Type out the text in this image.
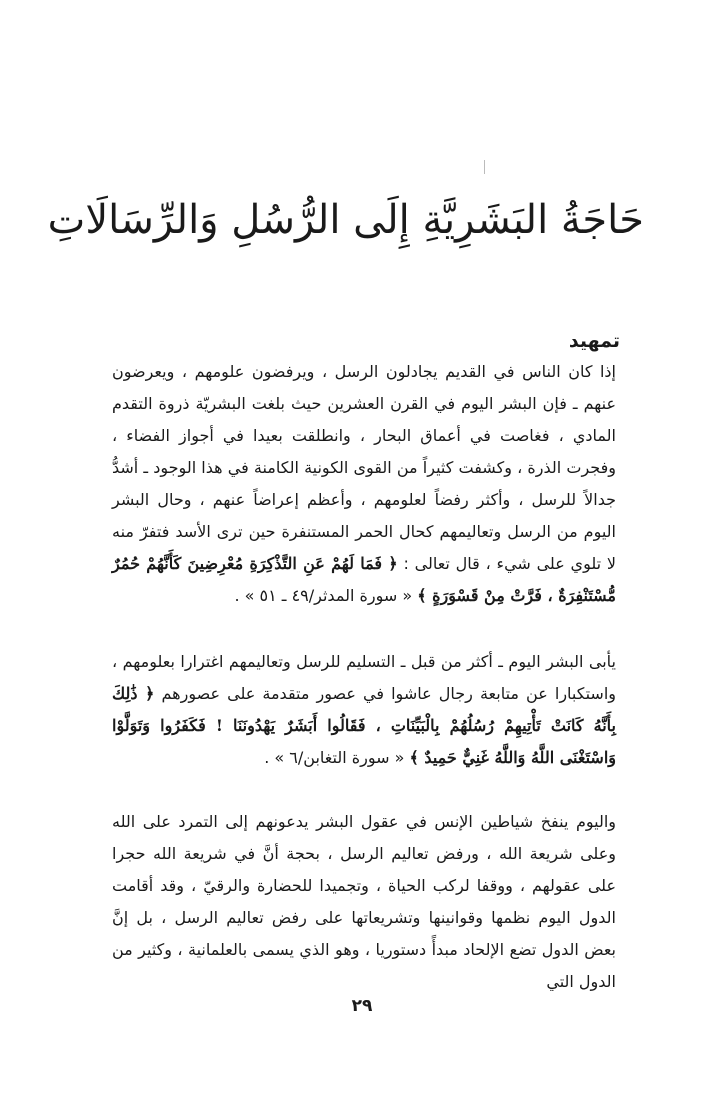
حَاجَةُ البَشَرِيَّةِ إِلَى الرُّسُلِ وَالرِّسَالَاتِ
تمهيد

إذا كان الناس في القديم يجادلون الرسل ، ويرفضون علومهم ، ويعرضون عنهم ـ فإن البشر اليوم في القرن العشرين حيث بلغت البشريّة ذروة التقدم المادي ، فغاصت في أعماق البحار ، وانطلقت بعيدا في أجواز الفضاء ، وفجرت الذرة ، وكشفت كثيراً من القوى الكونية الكامنة في هذا الوجود ـ أشدُّ جدالاً للرسل ، وأكثر رفضاً لعلومهم ، وأعظم إعراضاً عنهم ، وحال البشر اليوم من الرسل وتعاليمهم كحال الحمر المستنفرة حين ترى الأسد فتفرّ منه لا تلوي على شيء ، قال تعالى : ﴿ فَمَا لَهُمْ عَنِ التَّذْكِرَةِ مُعْرِضِينَ كَأَنَّهُمْ حُمُرٌ مُّسْتَنْفِرَةٌ ، فَرَّتْ مِنْ قَسْوَرَةٍ ﴾ « سورة المدثر/٤٩ ـ ٥١ » .

يأبى البشر اليوم ـ أكثر من قبل ـ التسليم للرسل وتعاليمهم اغترارا بعلومهم ، واستكبارا عن متابعة رجال عاشوا في عصور متقدمة على عصورهم ﴿ ذَٰلِكَ بِأَنَّهُ كَانَتْ تَأْتِيهِمْ رُسُلُهُمْ بِالْبَيِّنَاتِ ، فَقَالُوا أَبَشَرٌ يَهْدُونَنَا ! فَكَفَرُوا وَتَوَلَّوْا وَاسْتَغْنَى اللَّهُ وَاللَّهُ غَنِيٌّ حَمِيدٌ ﴾ « سورة التغابن/٦ » .

واليوم ينفخ شياطين الإنس في عقول البشر يدعونهم إلى التمرد على الله وعلى شريعة الله ، ورفض تعاليم الرسل ، بحجة أنَّ في شريعة الله حجرا على عقولهم ، ووقفا لركب الحياة ، وتجميدا للحضارة والرقيّ ، وقد أقامت الدول اليوم نظمها وقوانينها وتشريعاتها على رفض تعاليم الرسل ، بل إنَّ بعض الدول تضع الإلحاد مبدأً دستوريا ، وهو الذي يسمى بالعلمانية ، وكثير من الدول التي

٢٩
